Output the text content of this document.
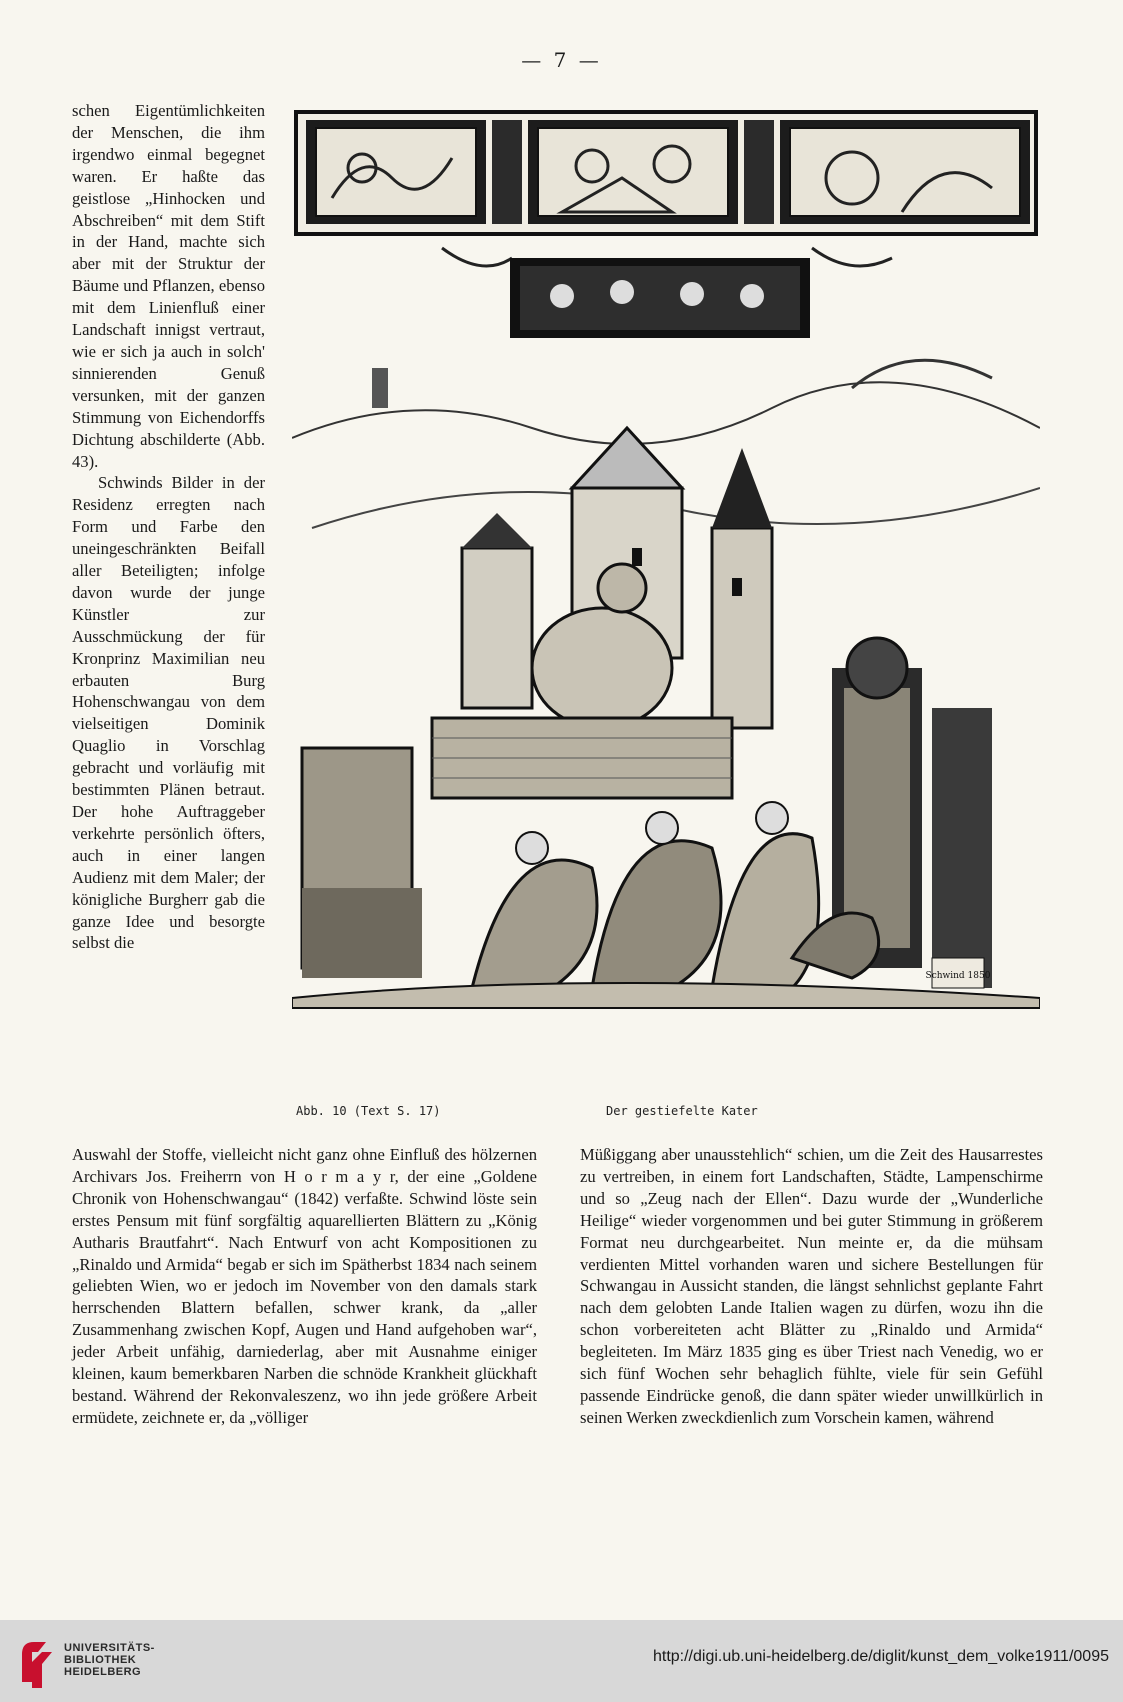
— 7 —

schen Eigentümlichkeiten der Menschen, die ihm irgendwo einmal begegnet waren. Er haßte das geistlose „Hinhocken und Abschreiben“ mit dem Stift in der Hand, machte sich aber mit der Struktur der Bäume und Pflanzen, ebenso mit dem Linienfluß einer Landschaft innigst vertraut, wie er sich ja auch in solch' sinnierenden Genuß versunken, mit der ganzen Stimmung von Eichendorffs Dichtung abschilderte (Abb. 43).

Schwinds Bilder in der Residenz erregten nach Form und Farbe den uneingeschränkten Beifall aller Beteiligten; infolge davon wurde der junge Künstler zur Ausschmückung der für Kronprinz Maximilian neu erbauten Burg Hohenschwangau von dem vielseitigen Dominik Quaglio in Vorschlag gebracht und vorläufig mit bestimmten Plänen betraut. Der hohe Auftraggeber verkehrte persönlich öfters, auch in einer langen Audienz mit dem Maler; der königliche Burgherr gab die ganze Idee und besorgte selbst die

Schwind 1850
Abb. 10 (Text S. 17)	Der gestiefelte Kater

Auswahl der Stoffe, vielleicht nicht ganz ohne Einfluß des hölzernen Archivars Jos. Freiherrn von H o r m a y r, der eine „Goldene Chronik von Hohenschwangau“ (1842) verfaßte. Schwind löste sein erstes Pensum mit fünf sorgfältig aquarellierten Blättern zu „König Autharis Brautfahrt“. Nach Entwurf von acht Kompositionen zu „Rinaldo und Armida“ begab er sich im Spätherbst 1834 nach seinem geliebten Wien, wo er jedoch im November von den damals stark herrschenden Blattern befallen, schwer krank, da „aller Zusammenhang zwischen Kopf, Augen und Hand aufgehoben war“, jeder Arbeit unfähig, darniederlag, aber mit Ausnahme einiger kleinen, kaum bemerkbaren Narben die schnöde Krankheit glückhaft bestand. Während der Rekonvaleszenz, wo ihn jede größere Arbeit ermüdete, zeichnete er, da „völliger

Müßiggang aber unausstehlich“ schien, um die Zeit des Hausarrestes zu vertreiben, in einem fort Landschaften, Städte, Lampenschirme und so „Zeug nach der Ellen“. Dazu wurde der „Wunderliche Heilige“ wieder vorgenommen und bei guter Stimmung in größerem Format neu durchgearbeitet. Nun meinte er, da die mühsam verdienten Mittel vorhanden waren und sichere Bestellungen für Schwangau in Aussicht standen, die längst sehnlichst geplante Fahrt nach dem gelobten Lande Italien wagen zu dürfen, wozu ihn die schon vorbereiteten acht Blätter zu „Rinaldo und Armida“ begleiteten. Im März 1835 ging es über Triest nach Venedig, wo er sich fünf Wochen sehr behaglich fühlte, viele für sein Gefühl passende Eindrücke genoß, die dann später wieder unwillkürlich in seinen Werken zweckdienlich zum Vorschein kamen, während

UNIVERSITÄTS-
BIBLIOTHEK
HEIDELBERG
http://digi.ub.uni-heidelberg.de/diglit/kunst_dem_volke1911/0095
